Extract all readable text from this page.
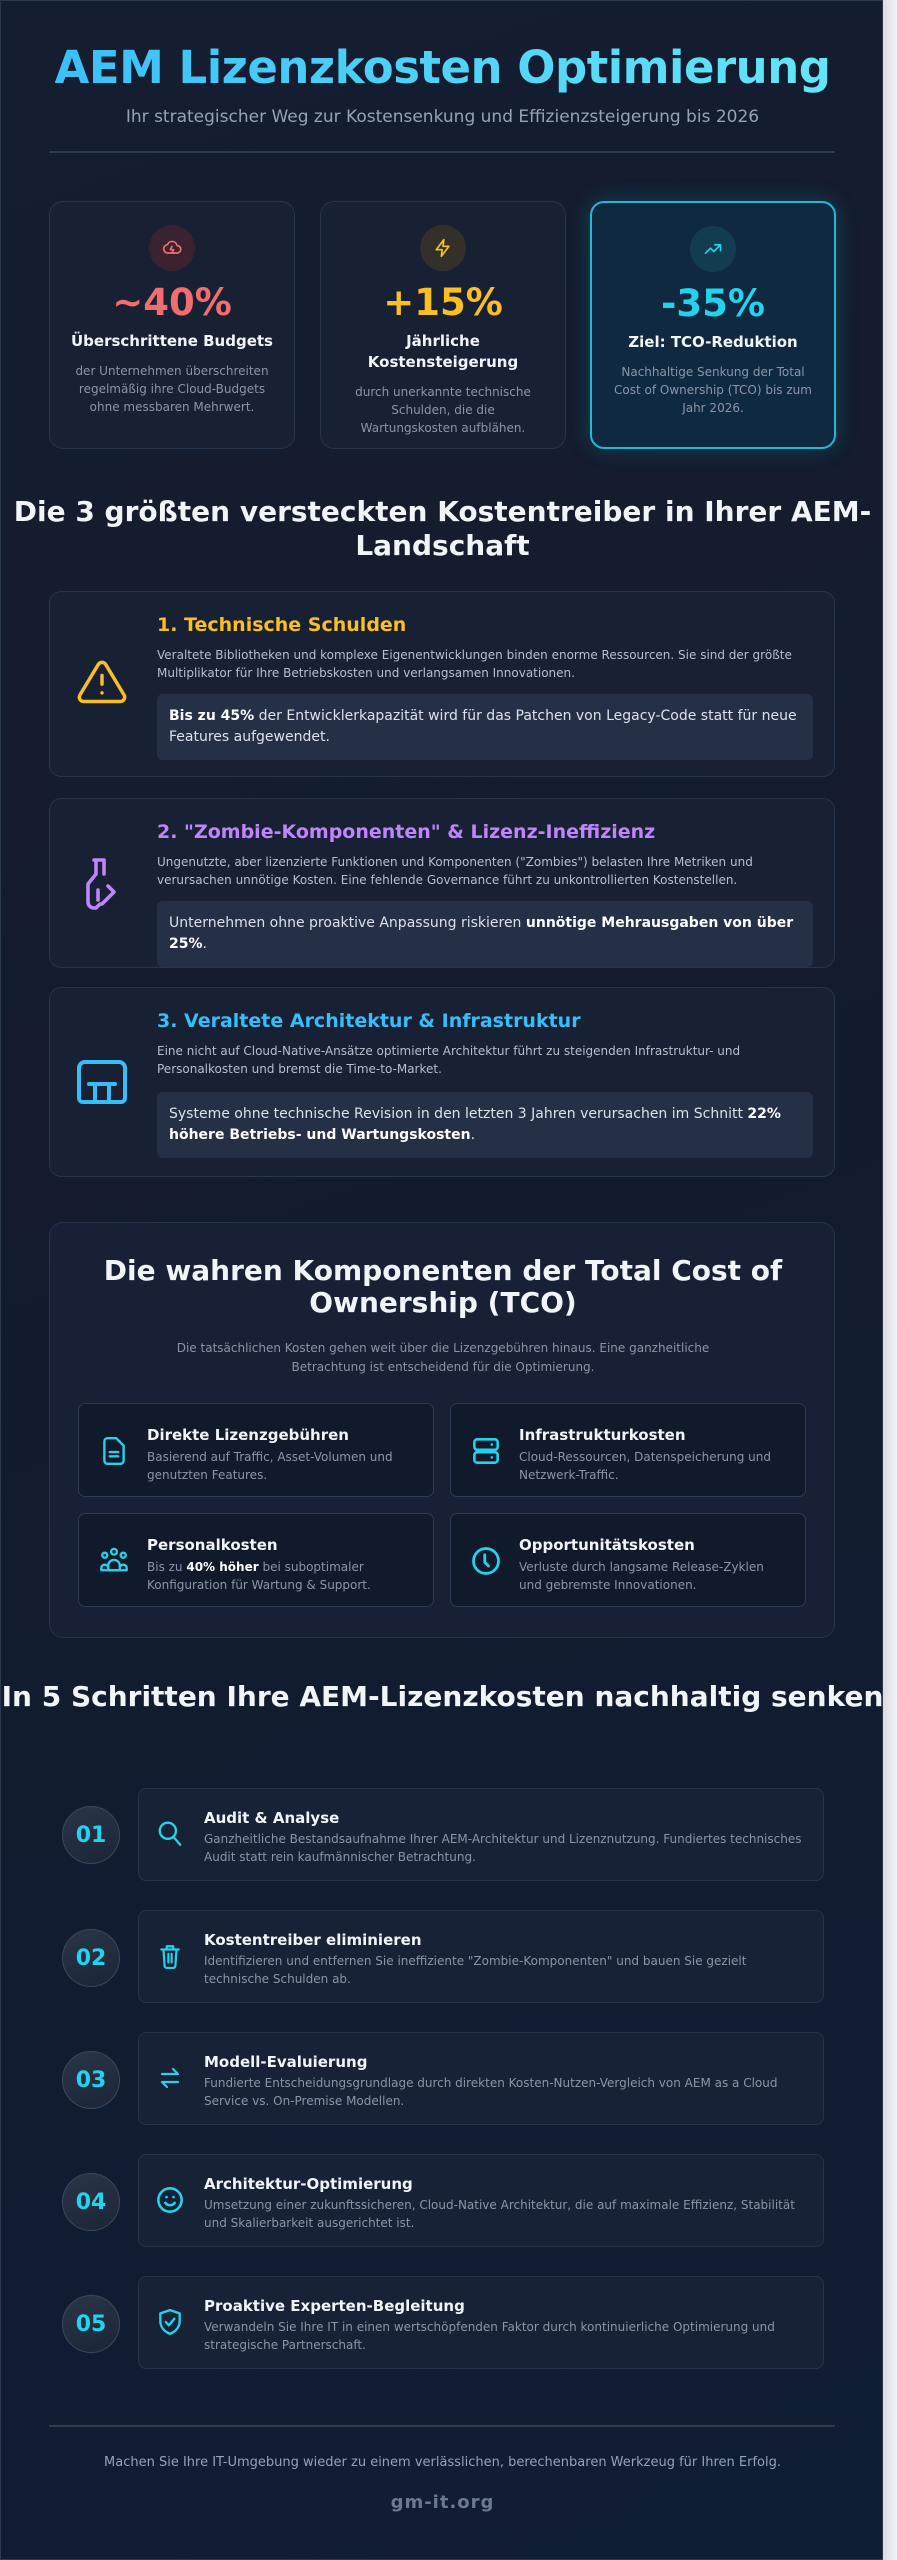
AEM Lizenzkosten Optimierung
Ihr strategischer Weg zur Kostensenkung und Effizienzsteigerung bis 2026
~40%
Überschrittene Budgets
der Unternehmen überschreiten regelmäßig ihre Cloud-Budgets ohne messbaren Mehrwert.
+15%
Jährliche Kostensteigerung
durch unerkannte technische Schulden, die die Wartungskosten aufblähen.
-35%
Ziel: TCO-Reduktion
Nachhaltige Senkung der Total Cost of Ownership (TCO) bis zum Jahr 2026.
Die 3 größten versteckten Kostentreiber in Ihrer AEM-Landschaft
1. Technische Schulden
Veraltete Bibliotheken und komplexe Eigenentwicklungen binden enorme Ressourcen. Sie sind der größte Multiplikator für Ihre Betriebskosten und verlangsamen Innovationen.
Bis zu 45% der Entwicklerkapazität wird für das Patchen von Legacy-Code statt für neue Features aufgewendet.
2. "Zombie-Komponenten" & Lizenz-Ineffizienz
Ungenutzte, aber lizenzierte Funktionen und Komponenten ("Zombies") belasten Ihre Metriken und verursachen unnötige Kosten. Eine fehlende Governance führt zu unkontrollierten Kostenstellen.
Unternehmen ohne proaktive Anpassung riskieren unnötige Mehrausgaben von über 25%.
3. Veraltete Architektur & Infrastruktur
Eine nicht auf Cloud-Native-Ansätze optimierte Architektur führt zu steigenden Infrastruktur- und Personalkosten und bremst die Time-to-Market.
Systeme ohne technische Revision in den letzten 3 Jahren verursachen im Schnitt 22% höhere Betriebs- und Wartungskosten.
Die wahren Komponenten der Total Cost of Ownership (TCO)
Die tatsächlichen Kosten gehen weit über die Lizenzgebühren hinaus. Eine ganzheitliche Betrachtung ist entscheidend für die Optimierung.
Direkte Lizenzgebühren
Basierend auf Traffic, Asset-Volumen und genutzten Features.
Infrastrukturkosten
Cloud-Ressourcen, Datenspeicherung und Netzwerk-Traffic.
Personalkosten
Bis zu 40% höher bei suboptimaler Konfiguration für Wartung & Support.
Opportunitätskosten
Verluste durch langsame Release-Zyklen und gebremste Innovationen.
In 5 Schritten Ihre AEM-Lizenzkosten nachhaltig senken
01
Audit & Analyse
Ganzheitliche Bestandsaufnahme Ihrer AEM-Architektur und Lizenznutzung. Fundiertes technisches Audit statt rein kaufmännischer Betrachtung.
02
Kostentreiber eliminieren
Identifizieren und entfernen Sie ineffiziente "Zombie-Komponenten" und bauen Sie gezielt technische Schulden ab.
03
Modell-Evaluierung
Fundierte Entscheidungsgrundlage durch direkten Kosten-Nutzen-Vergleich von AEM as a Cloud Service vs. On-Premise Modellen.
04
Architektur-Optimierung
Umsetzung einer zukunftssicheren, Cloud-Native Architektur, die auf maximale Effizienz, Stabilität und Skalierbarkeit ausgerichtet ist.
05
Proaktive Experten-Begleitung
Verwandeln Sie Ihre IT in einen wertschöpfenden Faktor durch kontinuierliche Optimierung und strategische Partnerschaft.
Machen Sie Ihre IT-Umgebung wieder zu einem verlässlichen, berechenbaren Werkzeug für Ihren Erfolg.
gm-it.org
